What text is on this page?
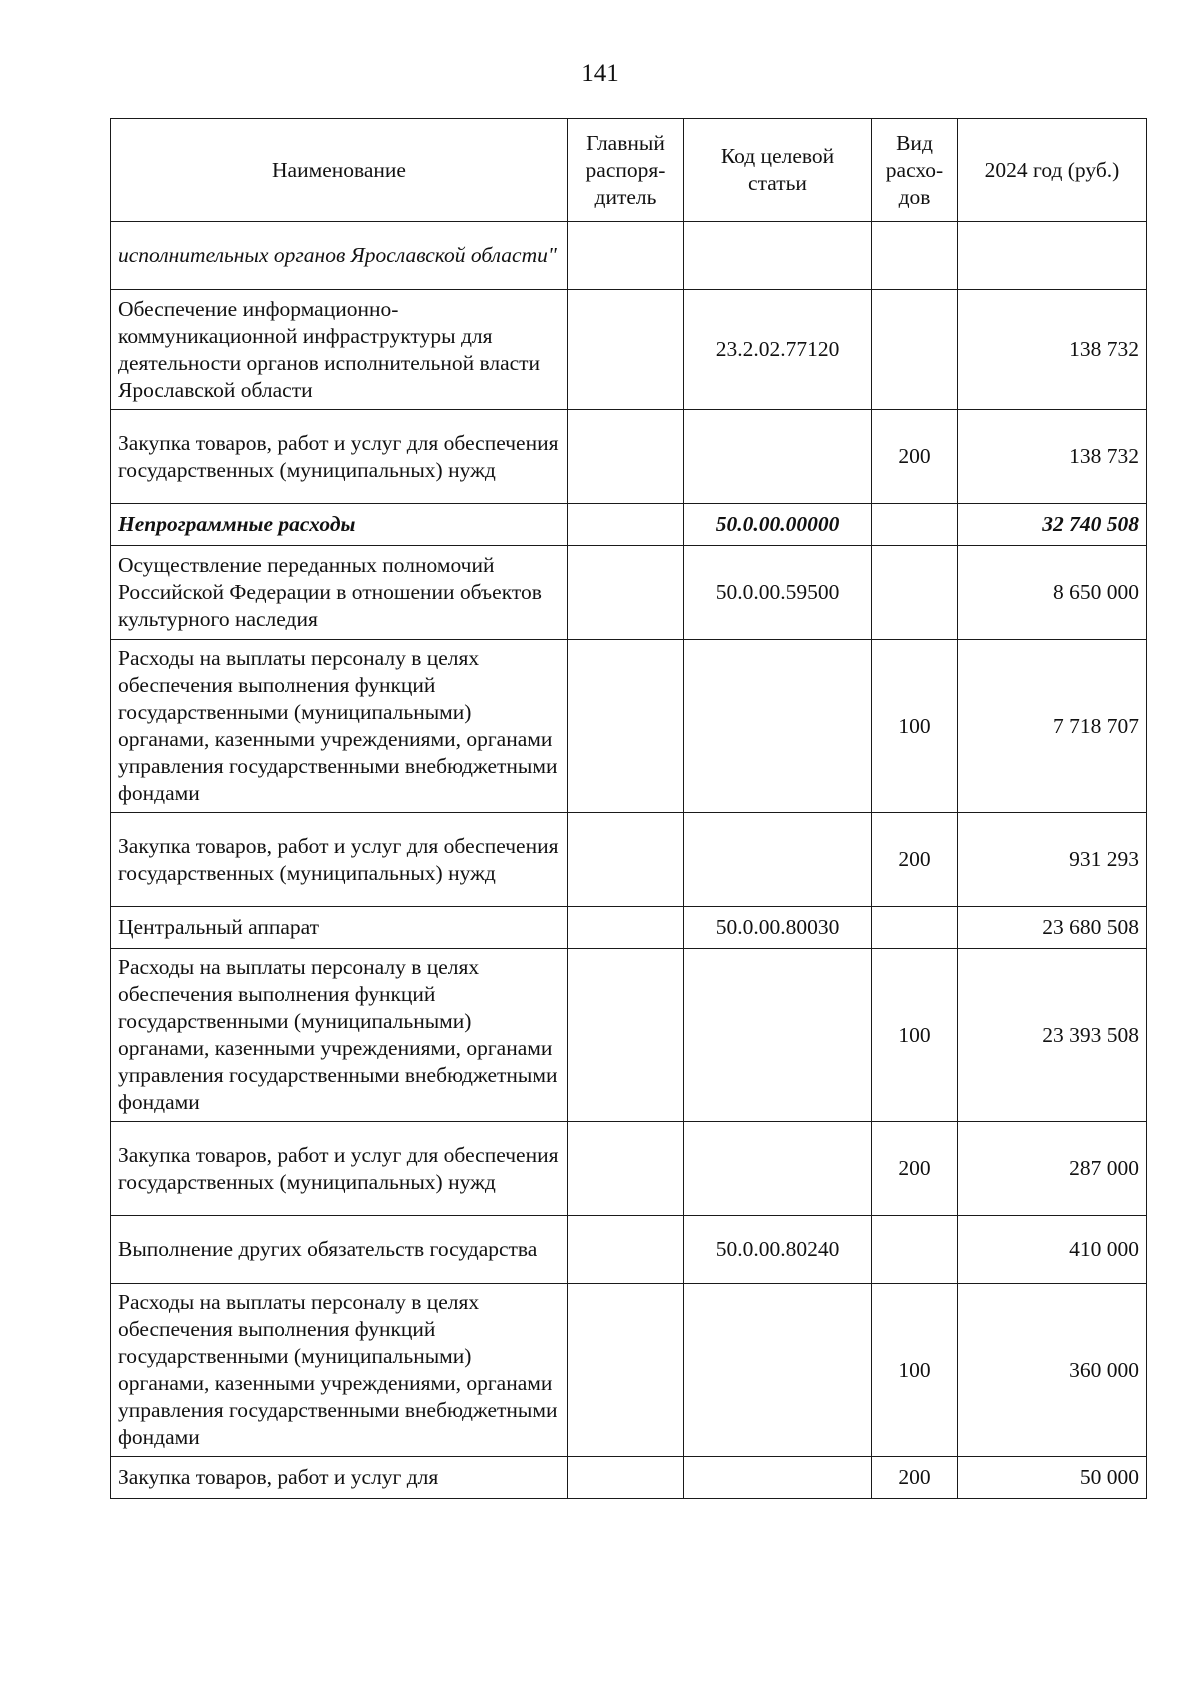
141
Наименование	Главный распоря-дитель	Код целевой статьи	Вид расхо-дов	2024 год (руб.)
исполнительных органов Ярославской области"				
Обеспечение информационно-коммуникационной инфраструктуры для деятельности органов исполнительной власти Ярославской области		23.2.02.77120		138 732
Закупка товаров, работ и услуг для обеспечения государственных (муниципальных) нужд			200	138 732
Непрограммные расходы		50.0.00.00000		32 740 508
Осуществление переданных полномочий Российской Федерации в отношении объектов культурного наследия		50.0.00.59500		8 650 000
Расходы на выплаты персоналу в целях обеспечения выполнения функций государственными (муниципальными) органами, казенными учреждениями, органами управления государственными внебюджетными фондами			100	7 718 707
Закупка товаров, работ и услуг для обеспечения государственных (муниципальных) нужд			200	931 293
Центральный аппарат		50.0.00.80030		23 680 508
Расходы на выплаты персоналу в целях обеспечения выполнения функций государственными (муниципальными) органами, казенными учреждениями, органами управления государственными внебюджетными фондами			100	23 393 508
Закупка товаров, работ и услуг для обеспечения государственных (муниципальных) нужд			200	287 000
Выполнение других обязательств государства		50.0.00.80240		410 000
Расходы на выплаты персоналу в целях обеспечения выполнения функций государственными (муниципальными) органами, казенными учреждениями, органами управления государственными внебюджетными фондами			100	360 000
Закупка товаров, работ и услуг для			200	50 000
